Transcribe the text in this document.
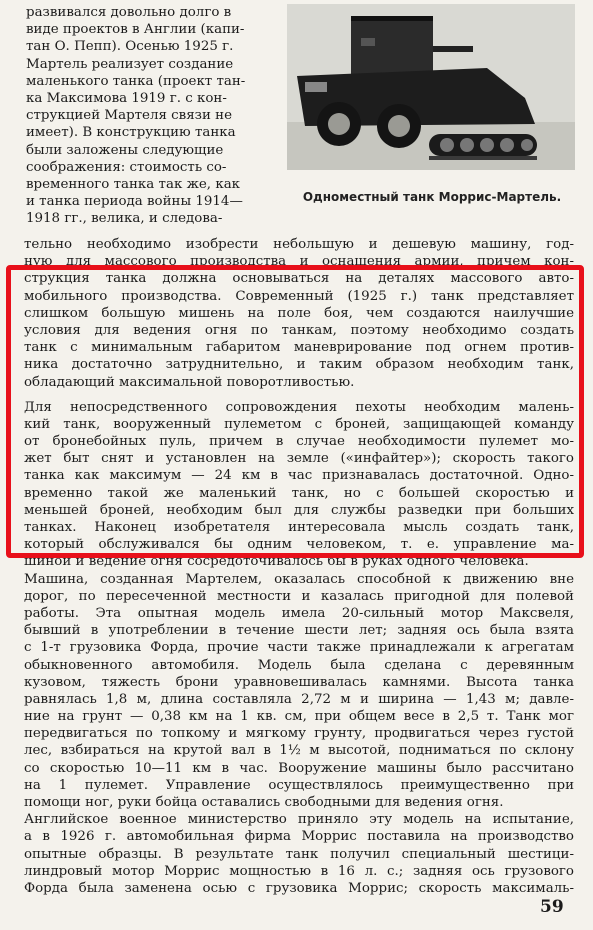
развивался довольно долго в
виде проектов в Англии (капи-
тан О. Пепп). Осенью 1925 г.
Мартель реализует создание
маленького танка (проект тан-
ка Максимова 1919 г. с кон-
струкцией Мартеля связи не
имеет). В конструкцию танка
были заложены следующие
соображения: стоимость со-
временного танка так же, как
и танка периода войны 1914—
1918 гг., велика, и следова-
Одноместный танк Моррис-Мартель.
тельно необходимо изобрести небольшую и дешевую машину, год-
ную для массового производства и оснащения армии, причем кон-
струкция танка должна основываться на деталях массового авто-
мобильного производства. Современный (1925 г.) танк представляет
слишком большую мишень на поле боя, чем создаются наилучшие
условия для ведения огня по танкам, поэтому необходимо создать
танк с минимальным габаритом маневрирование под огнем против-
ника достаточно затруднительно, и таким образом необходим танк,
обладающий максимальной поворотливостью.
Для непосредственного сопровождения пехоты необходим малень-
кий танк, вооруженный пулеметом с броней, защищающей команду
от бронебойных пуль, причем в случае необходимости пулемет мо-
жет быт снят и установлен на земле («инфайтер»); скорость такого
танка как максимум — 24 км в час признавалась достаточной. Одно-
временно такой же маленький танк, но с большей скоростью и
меньшей броней, необходим был для службы разведки при больших
танках. Наконец изобретателя интересовала мысль создать танк,
который обслуживался бы одним человеком, т. е. управление ма-
шиной и ведение огня сосредоточивалось бы в руках одного человека.
Машина, созданная Мартелем, оказалась способной к движению вне
дорог, по пересеченной местности и казалась пригодной для полевой
работы. Эта опытная модель имела 20-сильный мотор Максвеля,
бывший в употреблении в течение шести лет; задняя ось была взята
с 1-т грузовика Форда, прочие части также принадлежали к агрегатам
обыкновенного автомобиля. Модель была сделана с деревянным
кузовом, тяжесть брони уравновешивалась камнями. Высота танка
равнялась 1,8 м, длина составляла 2,72 м и ширина — 1,43 м; давле-
ние на грунт — 0,38 км на 1 кв. см, при общем весе в 2,5 т. Танк мог
передвигаться по топкому и мягкому грунту, продвигаться через густой
лес, взбираться на крутой вал в 1½ м высотой, подниматься по склону
со скоростью 10—11 км в час. Вооружение машины было рассчитано
на 1 пулемет. Управление осуществлялось преимущественно при
помощи ног, руки бойца оставались свободными для ведения огня.
Английское военное министерство приняло эту модель на испытание,
а в 1926 г. автомобильная фирма Моррис поставила на производство
опытные образцы. В результате танк получил специальный шестици-
линдровый мотор Моррис мощностью в 16 л. с.; задняя ось грузового
Форда была заменена осью с грузовика Моррис; скорость максималь-
59
